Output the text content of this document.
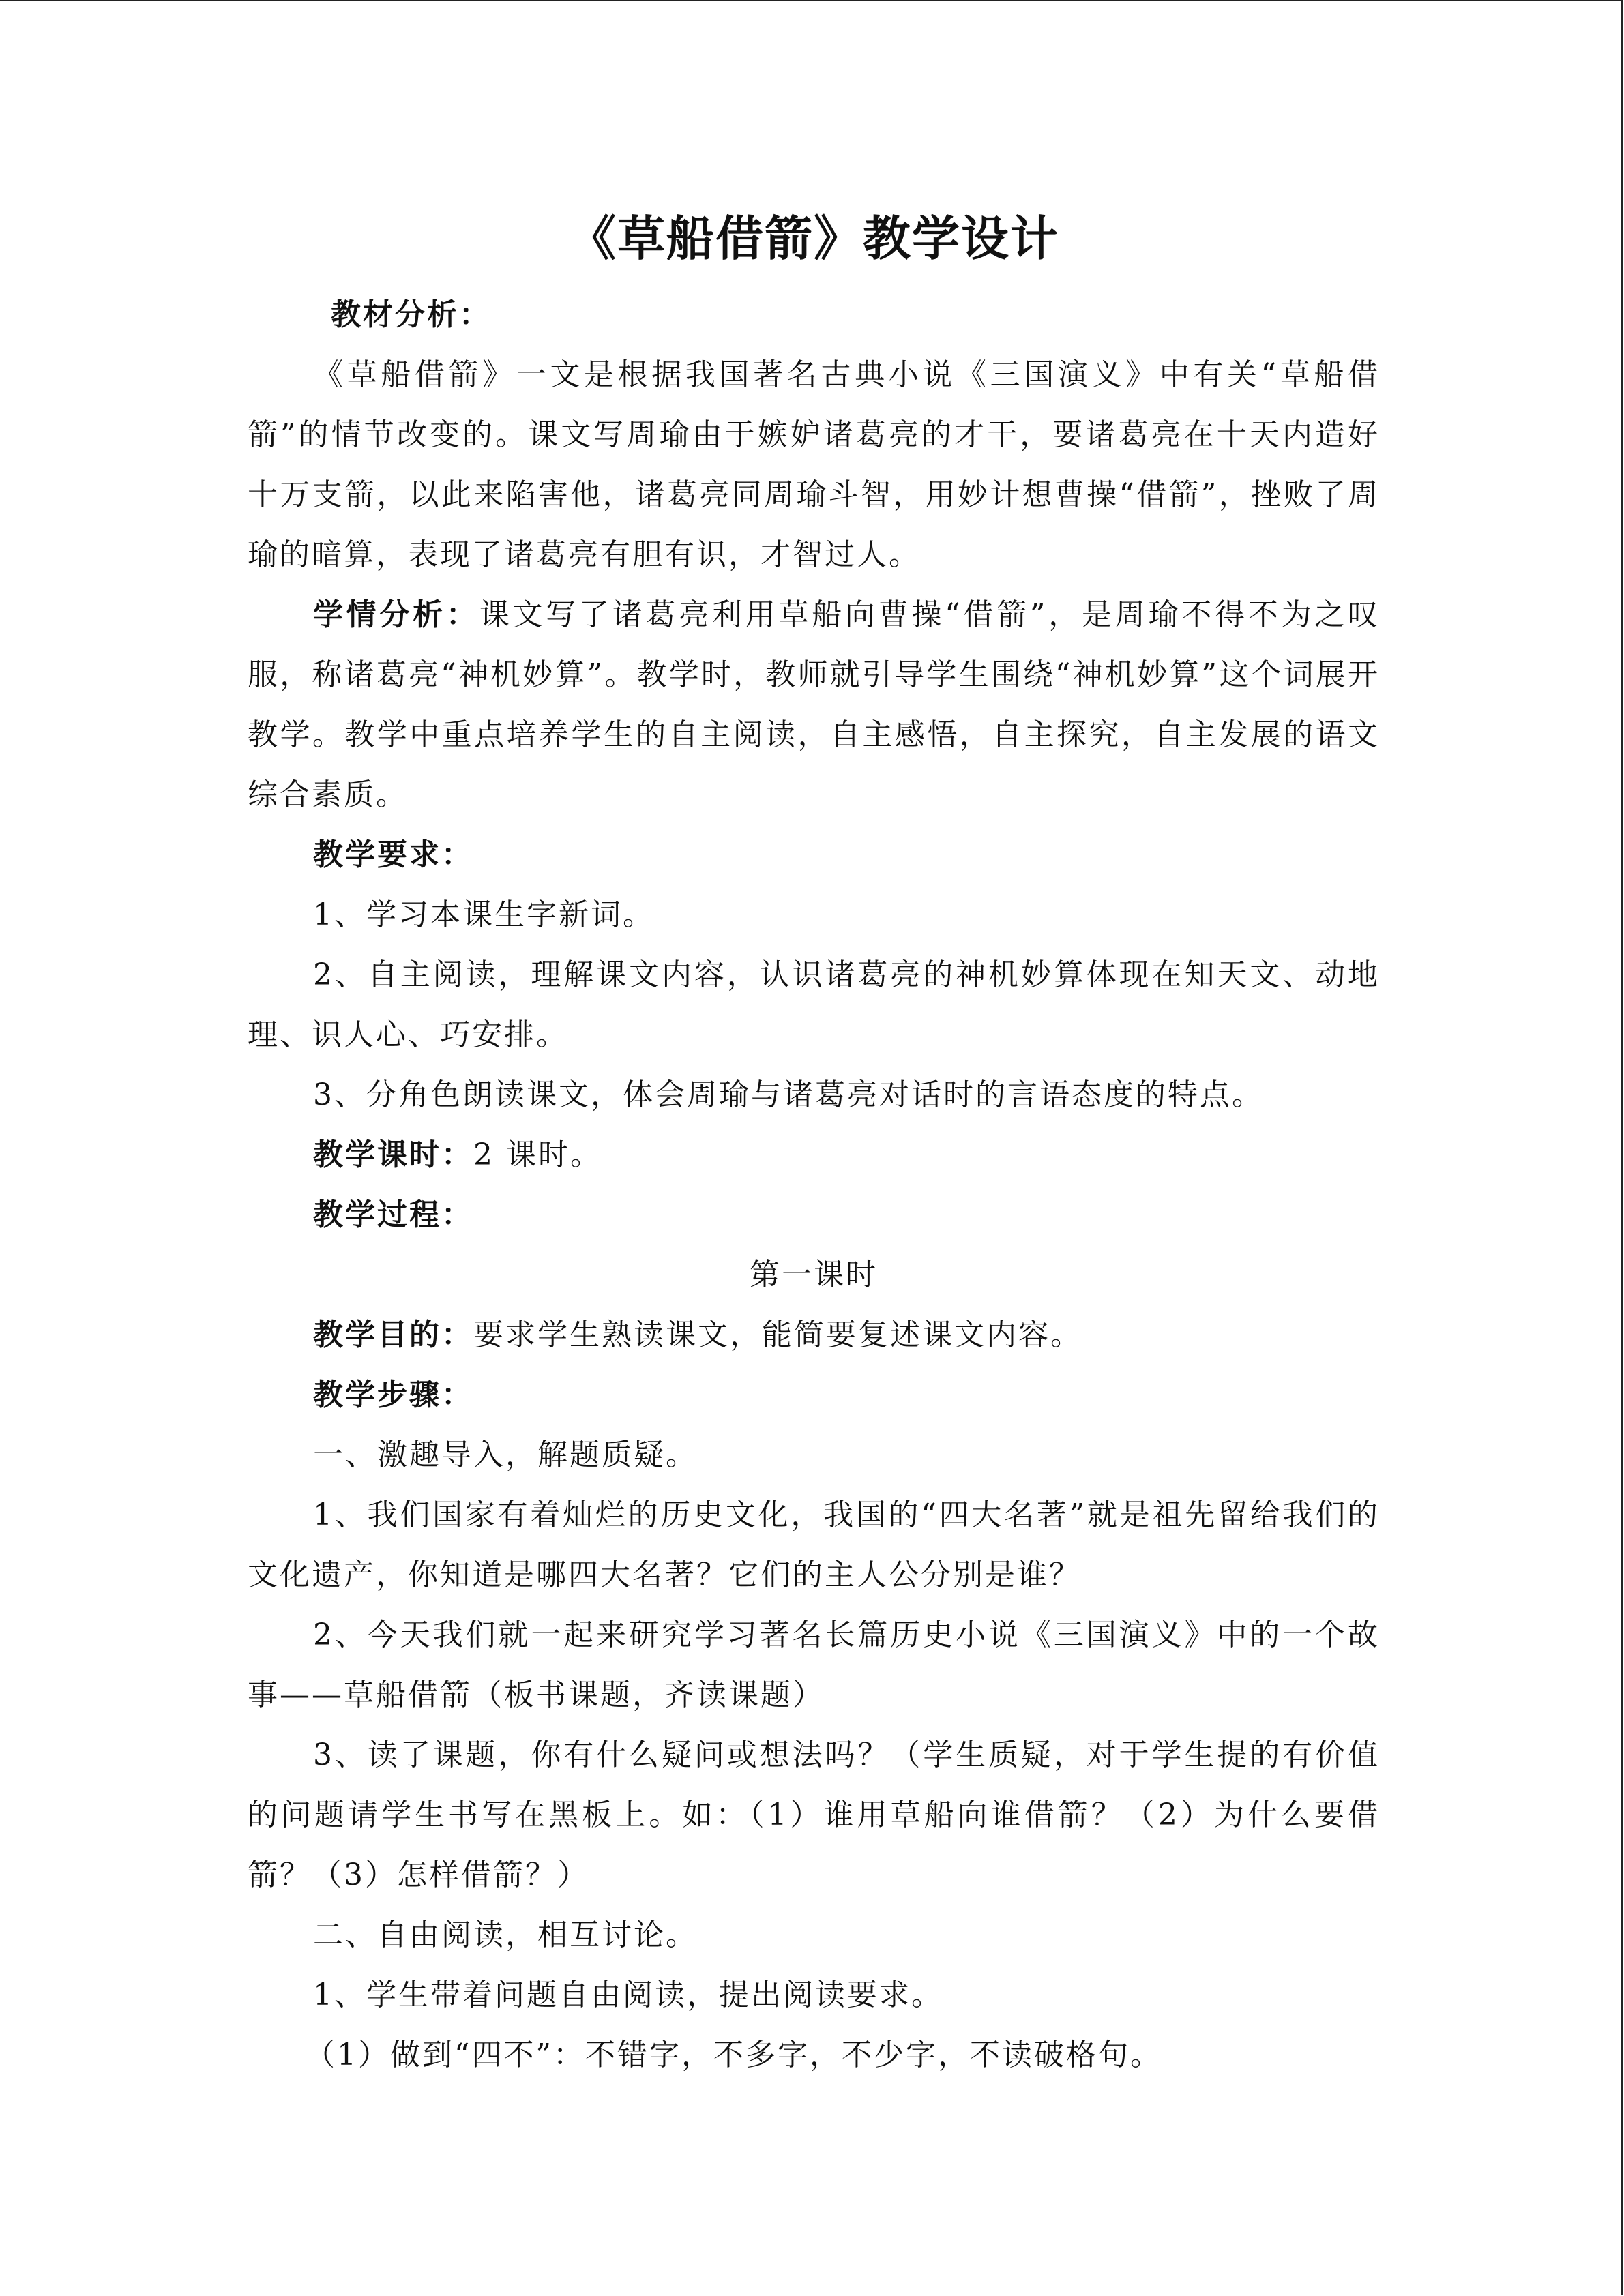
《草船借箭》教学设计

教材分析：

《草船借箭》一文是根据我国著名古典小说《三国演义》中有关“草船借箭”的情节改变的。课文写周瑜由于嫉妒诸葛亮的才干，要诸葛亮在十天内造好十万支箭，以此来陷害他，诸葛亮同周瑜斗智，用妙计想曹操“借箭”，挫败了周瑜的暗算，表现了诸葛亮有胆有识，才智过人。

学情分析：课文写了诸葛亮利用草船向曹操“借箭”，是周瑜不得不为之叹服，称诸葛亮“神机妙算”。教学时，教师就引导学生围绕“神机妙算”这个词展开教学。教学中重点培养学生的自主阅读，自主感悟，自主探究，自主发展的语文综合素质。

教学要求：

1、学习本课生字新词。

2、自主阅读，理解课文内容，认识诸葛亮的神机妙算体现在知天文、动地理、识人心、巧安排。

3、分角色朗读课文，体会周瑜与诸葛亮对话时的言语态度的特点。

教学课时：2 课时。

教学过程：

第一课时

教学目的：要求学生熟读课文，能简要复述课文内容。

教学步骤：

一、激趣导入，解题质疑。

1、我们国家有着灿烂的历史文化，我国的“四大名著”就是祖先留给我们的文化遗产，你知道是哪四大名著？它们的主人公分别是谁？

2、今天我们就一起来研究学习著名长篇历史小说《三国演义》中的一个故事——草船借箭（板书课题，齐读课题）

3、读了课题，你有什么疑问或想法吗？（学生质疑，对于学生提的有价值的问题请学生书写在黑板上。如：（1）谁用草船向谁借箭？（2）为什么要借箭？（3）怎样借箭？）

二、自由阅读，相互讨论。

1、学生带着问题自由阅读，提出阅读要求。

（1）做到“四不”：不错字，不多字，不少字，不读破格句。
